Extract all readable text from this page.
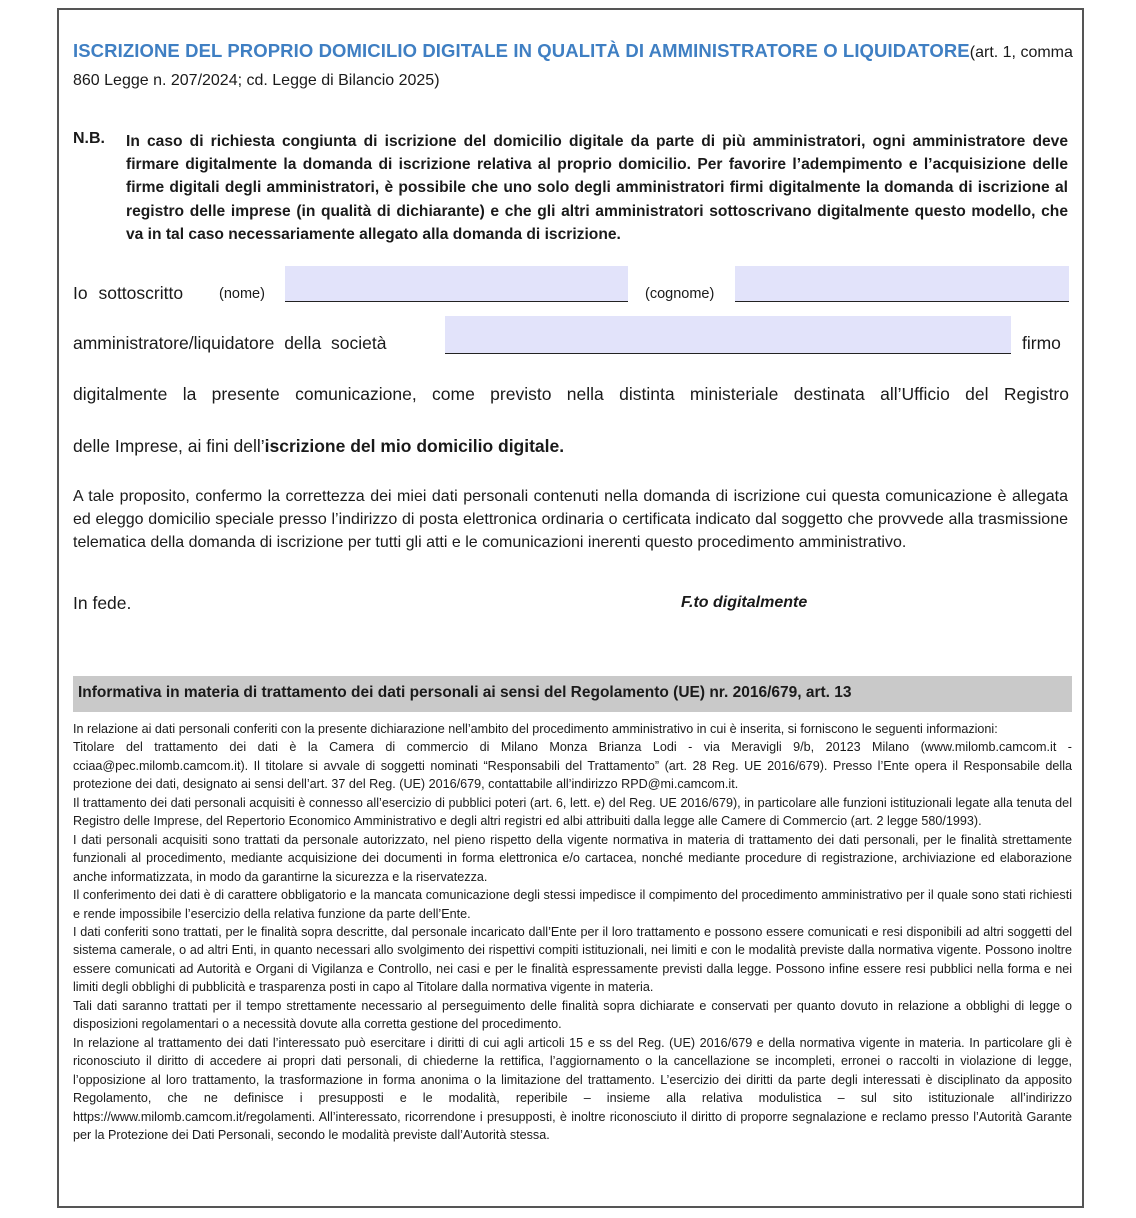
ISCRIZIONE DEL PROPRIO DOMICILIO DIGITALE IN QUALITÀ DI AMMINISTRATORE O LIQUIDATORE(art. 1, comma 860 Legge n. 207/2024; cd. Legge di Bilancio 2025)
N.B. In caso di richiesta congiunta di iscrizione del domicilio digitale da parte di più amministratori, ogni amministratore deve firmare digitalmente la domanda di iscrizione relativa al proprio domicilio. Per favorire l’adempimento e l’acquisizione delle firme digitali degli amministratori, è possibile che uno solo degli amministratori firmi digitalmente la domanda di iscrizione al registro delle imprese (in qualità di dichiarante) e che gli altri amministratori sottoscrivano digitalmente questo modello, che va in tal caso necessariamente allegato alla domanda di iscrizione.
Io sottoscritto (nome)	(cognome)
amministratore/liquidatore della società	firmo
digitalmente la presente comunicazione, come previsto nella distinta ministeriale destinata all’Ufficio del Registro
delle Imprese, ai fini dell’iscrizione del mio domicilio digitale.
A tale proposito, confermo la correttezza dei miei dati personali contenuti nella domanda di iscrizione cui questa comunicazione è allegata ed eleggo domicilio speciale presso l’indirizzo di posta elettronica ordinaria o certificata indicato dal soggetto che provvede alla trasmissione telematica della domanda di iscrizione per tutti gli atti e le comunicazioni inerenti questo procedimento amministrativo.
In fede.	F.to digitalmente
Informativa in materia di trattamento dei dati personali ai sensi del Regolamento (UE) nr. 2016/679, art. 13

In relazione ai dati personali conferiti con la presente dichiarazione nell’ambito del procedimento amministrativo in cui è inserita, si forniscono le seguenti informazioni:

Titolare del trattamento dei dati è la Camera di commercio di Milano Monza Brianza Lodi - via Meravigli 9/b, 20123 Milano (www.milomb.camcom.it - cciaa@pec.milomb.camcom.it). Il titolare si avvale di soggetti nominati “Responsabili del Trattamento” (art. 28 Reg. UE 2016/679). Presso l’Ente opera il Responsabile della protezione dei dati, designato ai sensi dell’art. 37 del Reg. (UE) 2016/679, contattabile all’indirizzo RPD@mi.camcom.it.

Il trattamento dei dati personali acquisiti è connesso all’esercizio di pubblici poteri (art. 6, lett. e) del Reg. UE 2016/679), in particolare alle funzioni istituzionali legate alla tenuta del Registro delle Imprese, del Repertorio Economico Amministrativo e degli altri registri ed albi attribuiti dalla legge alle Camere di Commercio (art. 2 legge 580/1993).

I dati personali acquisiti sono trattati da personale autorizzato, nel pieno rispetto della vigente normativa in materia di trattamento dei dati personali, per le finalità strettamente funzionali al procedimento, mediante acquisizione dei documenti in forma elettronica e/o cartacea, nonché mediante procedure di registrazione, archiviazione ed elaborazione anche informatizzata, in modo da garantirne la sicurezza e la riservatezza.

Il conferimento dei dati è di carattere obbligatorio e la mancata comunicazione degli stessi impedisce il compimento del procedimento amministrativo per il quale sono stati richiesti e rende impossibile l’esercizio della relativa funzione da parte dell’Ente.

I dati conferiti sono trattati, per le finalità sopra descritte, dal personale incaricato dall’Ente per il loro trattamento e possono essere comunicati e resi disponibili ad altri soggetti del sistema camerale, o ad altri Enti, in quanto necessari allo svolgimento dei rispettivi compiti istituzionali, nei limiti e con le modalità previste dalla normativa vigente. Possono inoltre essere comunicati ad Autorità e Organi di Vigilanza e Controllo, nei casi e per le finalità espressamente previsti dalla legge. Possono infine essere resi pubblici nella forma e nei limiti degli obblighi di pubblicità e trasparenza posti in capo al Titolare dalla normativa vigente in materia.

Tali dati saranno trattati per il tempo strettamente necessario al perseguimento delle finalità sopra dichiarate e conservati per quanto dovuto in relazione a obblighi di legge o disposizioni regolamentari o a necessità dovute alla corretta gestione del procedimento.

In relazione al trattamento dei dati l’interessato può esercitare i diritti di cui agli articoli 15 e ss del Reg. (UE) 2016/679 e della normativa vigente in materia. In particolare gli è riconosciuto il diritto di accedere ai propri dati personali, di chiederne la rettifica, l’aggiornamento o la cancellazione se incompleti, erronei o raccolti in violazione di legge, l’opposizione al loro trattamento, la trasformazione in forma anonima o la limitazione del trattamento. L’esercizio dei diritti da parte degli interessati è disciplinato da apposito Regolamento, che ne definisce i presupposti e le modalità, reperibile – insieme alla relativa modulistica – sul sito istituzionale all’indirizzo https://www.milomb.camcom.it/regolamenti. All’interessato, ricorrendone i presupposti, è inoltre riconosciuto il diritto di proporre segnalazione e reclamo presso l’Autorità Garante per la Protezione dei Dati Personali, secondo le modalità previste dall’Autorità stessa.
